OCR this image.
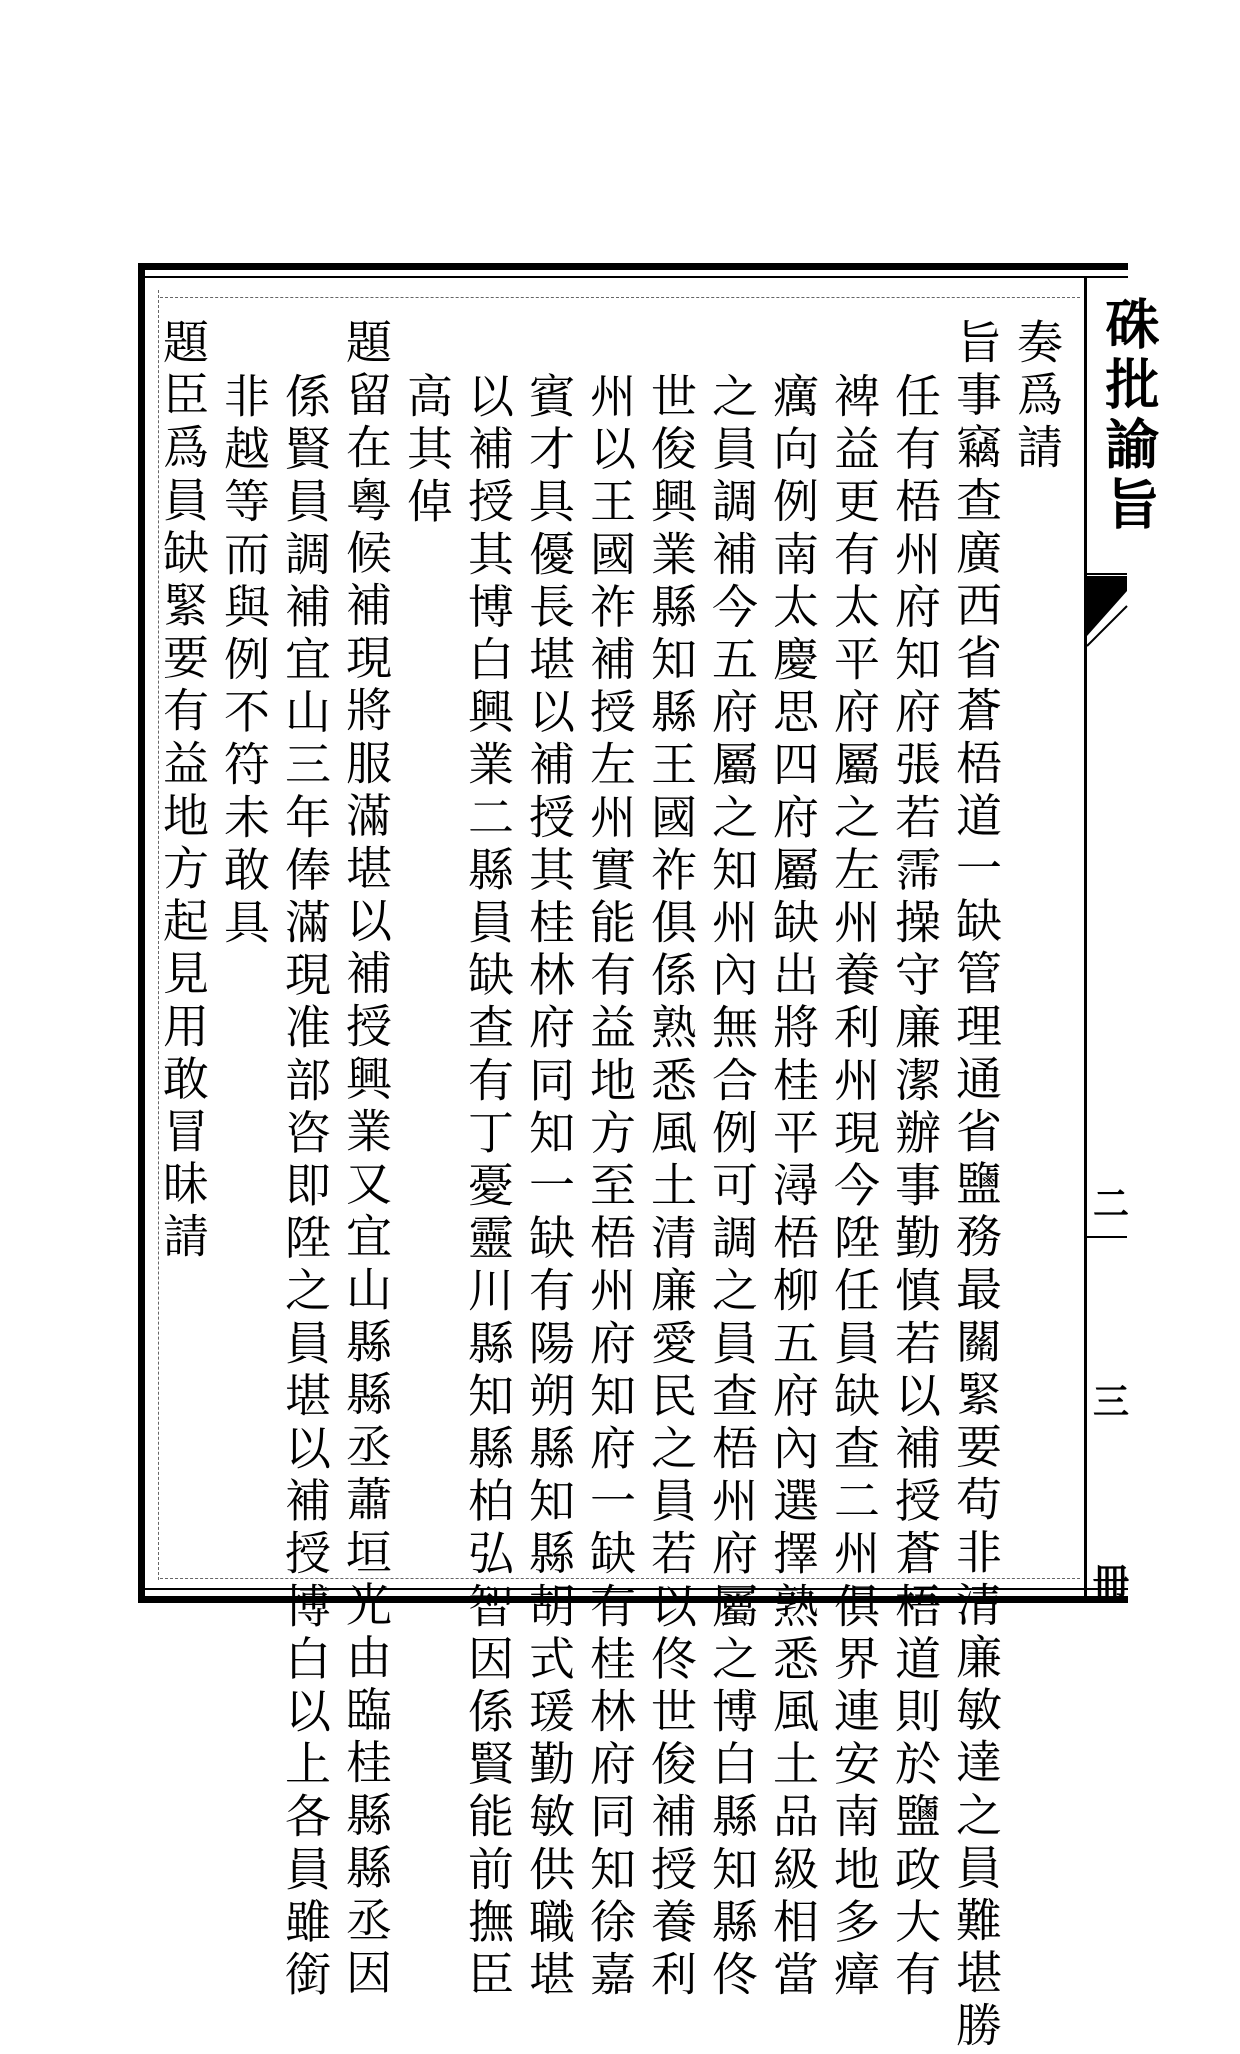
硃批諭旨
二
三
冊
奏爲請
旨事竊查廣西省蒼梧道一缺管理通省鹽務最關緊要苟非清廉敏達之員難堪勝
任有梧州府知府張若霈操守廉潔辦事勤慎若以補授蒼梧道則於鹽政大有
裨益更有太平府屬之左州養利州現今陞任員缺查二州俱界連安南地多瘴
癘向例南太慶思四府屬缺出將桂平潯梧柳五府內選擇熟悉風土品級相當
之員調補今五府屬之知州內無合例可調之員查梧州府屬之博白縣知縣佟
世俊興業縣知縣王國祚俱係熟悉風土清廉愛民之員若以佟世俊補授養利
州以王國祚補授左州實能有益地方至梧州府知府一缺有桂林府同知徐嘉
賓才具優長堪以補授其桂林府同知一缺有陽朔縣知縣胡式瑗勤敏供職堪
以補授其博白興業二縣員缺查有丁憂靈川縣知縣柏弘智因係賢能前撫臣
高其倬
題留在粵候補現將服滿堪以補授興業又宜山縣縣丞蕭垣光由臨桂縣縣丞因
係賢員調補宜山三年俸滿現准部咨即陞之員堪以補授博白以上各員雖銜
非越等而與例不符未敢具
題臣爲員缺緊要有益地方起見用敢冒昧請
